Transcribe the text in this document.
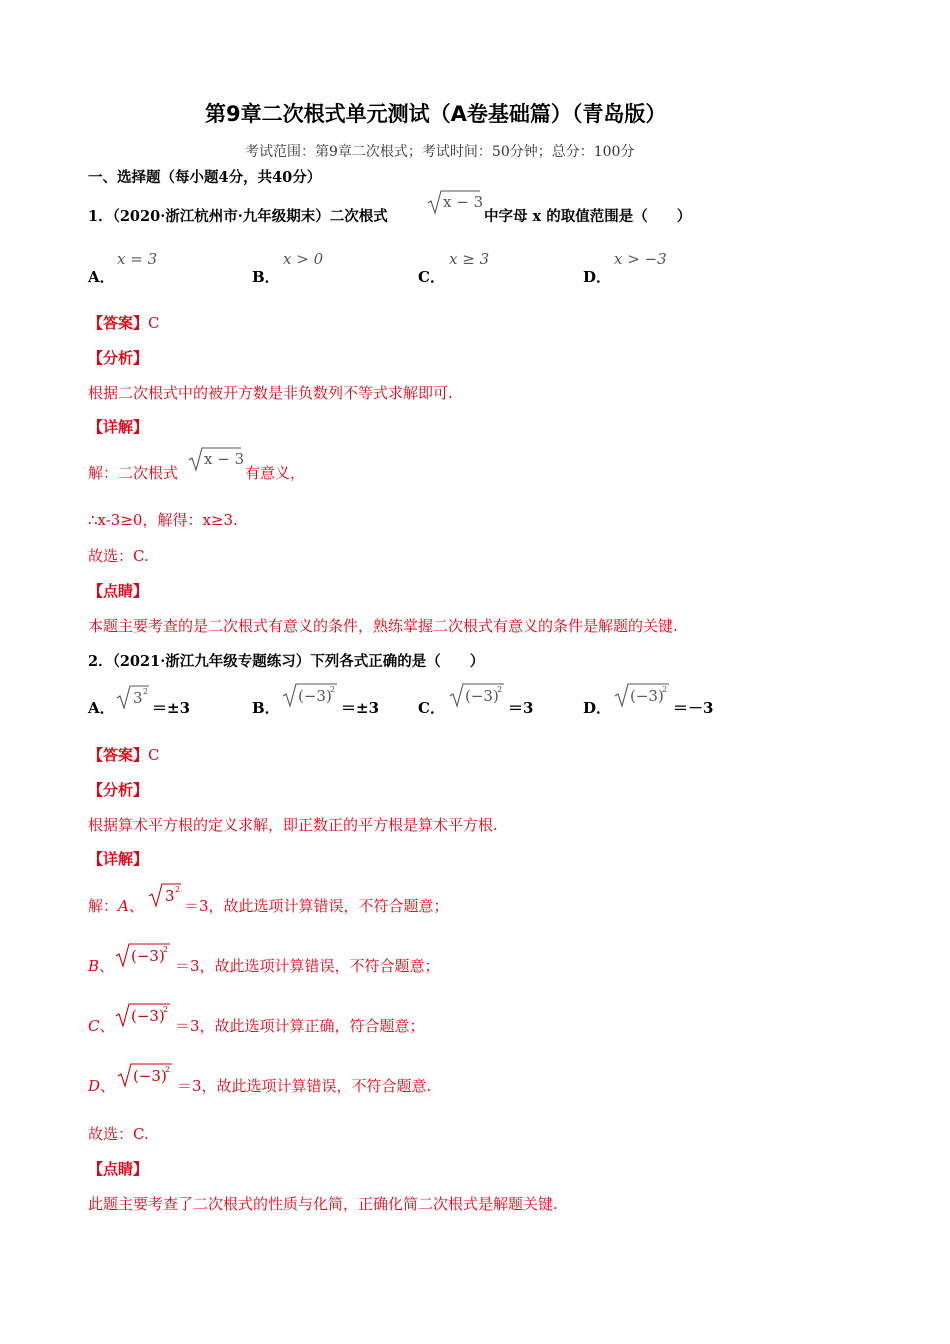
第9章二次根式单元测试（A卷基础篇）（青岛版）
考试范围：第9章二次根式；考试时间：50分钟；总分：100分
一、选择题（每小题4分，共40分）
1．（2020·浙江杭州市·九年级期末）二次根式
x − 3
中字母 x 的取值范围是（　　）
A．
x = 3
B．
x > 0
C．
x ≥ 3
D．
x > −3
【答案】C
【分析】
根据二次根式中的被开方数是非负数列不等式求解即可.
【详解】
解：二次根式
x − 3
有意义，
∴x-3≥0，解得：x≥3.
故选：C.
【点睛】
本题主要考查的是二次根式有意义的条件，熟练掌握二次根式有意义的条件是解题的关键.
2．（2021·浙江九年级专题练习）下列各式正确的是（　　）
A．
3 2
＝±3	B．
(−3)
2
＝±3	C．
(−3)
2
＝3	D．
(−3)
2
＝－3
【答案】C
【分析】
根据算术平方根的定义求解，即正数正的平方根是算术平方根.
【详解】
解：A、
3 2
＝3，故此选项计算错误，不符合题意；
B、
(−3)
2
＝3，故此选项计算错误，不符合题意；
C、
(−3)
2
＝3，故此选项计算正确，符合题意；
D、
(−3)
2
＝3，故此选项计算错误，不符合题意.
故选：C.
【点睛】
此题主要考查了二次根式的性质与化简，正确化简二次根式是解题关键.
